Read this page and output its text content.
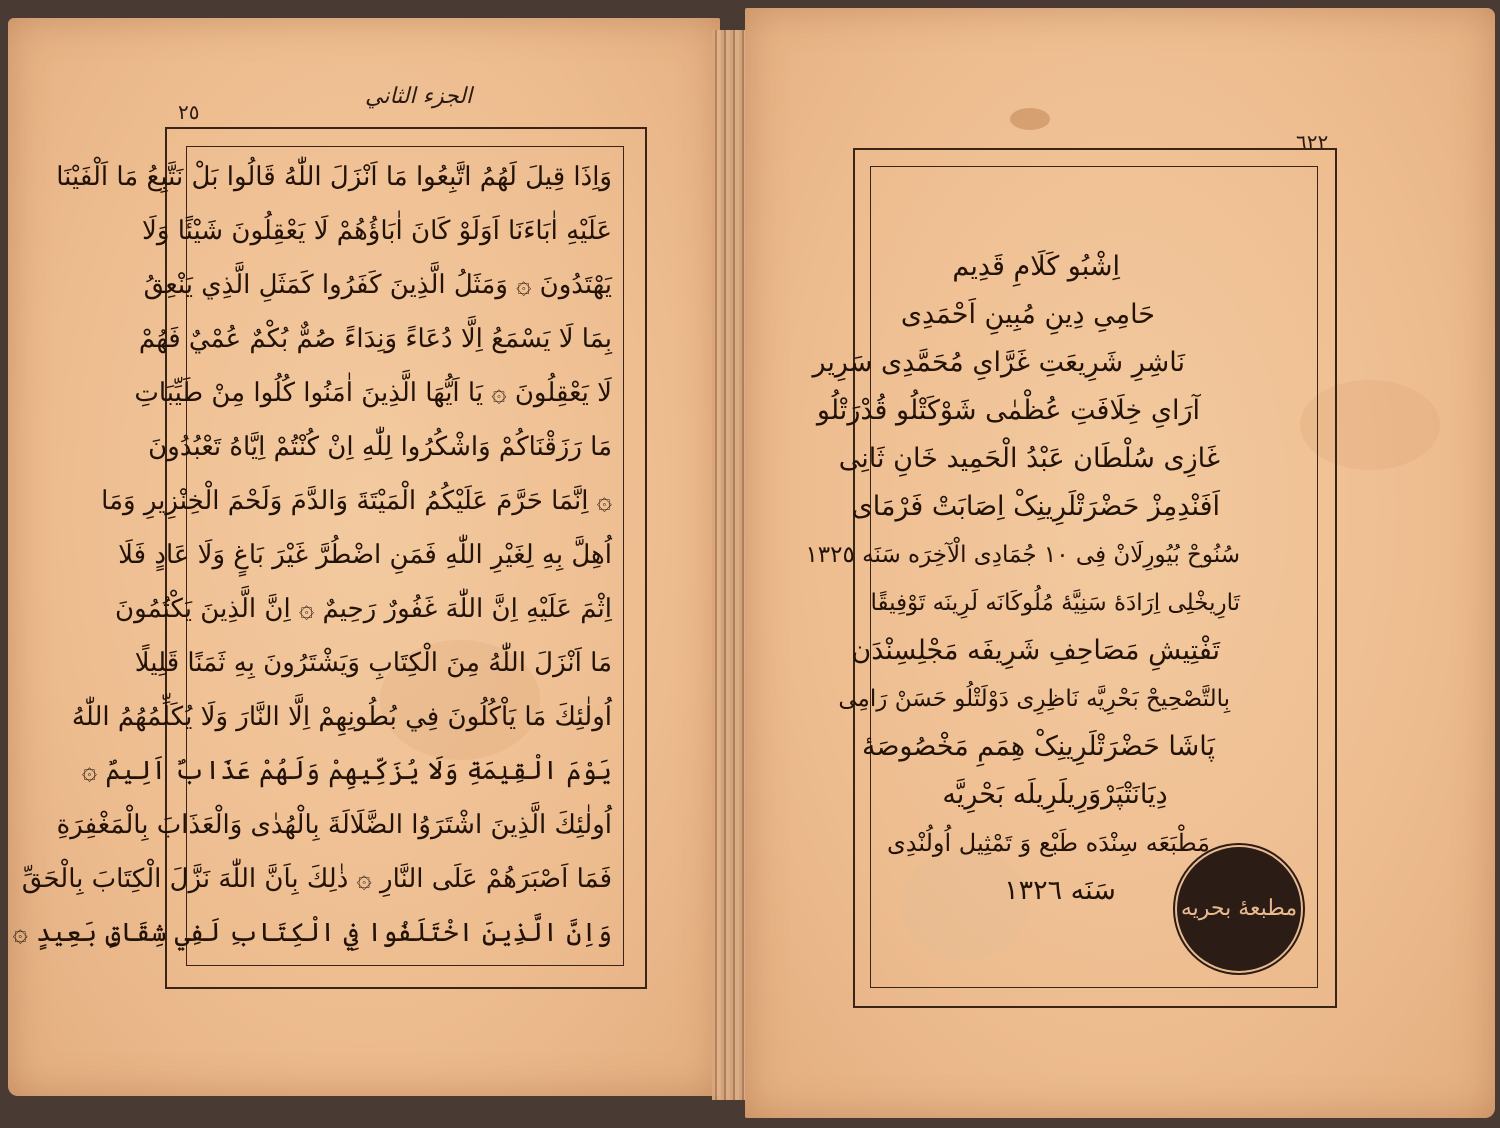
الجزء الثاني
٢٥
وَاِذَا قِيلَ لَهُمُ اتَّبِعُوا مَا اَنْزَلَ اللّٰهُ قَالُوا بَلْ نَتَّبِعُ مَا اَلْفَيْنَا
عَلَيْهِ اٰبَاءَنَا اَوَلَوْ كَانَ اٰبَاؤُهُمْ لَا يَعْقِلُونَ شَيْئًا وَلَا
يَهْتَدُونَ ۞ وَمَثَلُ الَّذِينَ كَفَرُوا كَمَثَلِ الَّذِي يَنْعِقُ
بِمَا لَا يَسْمَعُ اِلَّا دُعَاءً وَنِدَاءً صُمٌّ بُكْمٌ عُمْيٌ فَهُمْ
لَا يَعْقِلُونَ ۞ يَا اَيُّهَا الَّذِينَ اٰمَنُوا كُلُوا مِنْ طَيِّبَاتِ
مَا رَزَقْنَاكُمْ وَاشْكُرُوا لِلّٰهِ اِنْ كُنْتُمْ اِيَّاهُ تَعْبُدُونَ
۞ اِنَّمَا حَرَّمَ عَلَيْكُمُ الْمَيْتَةَ وَالدَّمَ وَلَحْمَ الْخِنْزِيرِ وَمَا
اُهِلَّ بِهِ لِغَيْرِ اللّٰهِ فَمَنِ اضْطُرَّ غَيْرَ بَاغٍ وَلَا عَادٍ فَلَا
اِثْمَ عَلَيْهِ اِنَّ اللّٰهَ غَفُورٌ رَحِيمٌ ۞ اِنَّ الَّذِينَ يَكْتُمُونَ
مَا اَنْزَلَ اللّٰهُ مِنَ الْكِتَابِ وَيَشْتَرُونَ بِهِ ثَمَنًا قَلِيلًا
اُولٰئِكَ مَا يَاْكُلُونَ فِي بُطُونِهِمْ اِلَّا النَّارَ وَلَا يُكَلِّمُهُمُ اللّٰهُ
يَوْمَ الْقِيٰمَةِ وَلَا يُزَكِّيهِمْ وَلَهُمْ عَذَابٌ اَلِيمٌ ۞
اُولٰئِكَ الَّذِينَ اشْتَرَوُا الضَّلَالَةَ بِالْهُدٰى وَالْعَذَابَ بِالْمَغْفِرَةِ
فَمَا اَصْبَرَهُمْ عَلَى النَّارِ ۞ ذٰلِكَ بِاَنَّ اللّٰهَ نَزَّلَ الْكِتَابَ بِالْحَقِّ
وَاِنَّ الَّذِينَ اخْتَلَفُوا فِي الْكِتَابِ لَفِي شِقَاقٍ بَعِيدٍ ۞
٦٢٢
اِشْبُو كَلَامِ قَدِيم
حَامِیِ دِینِ مُبِینِ اَحْمَدِی
نَاشِرِ شَرِیعَتِ غَرَّایِ مُحَمَّدِی سَرِیر
آرَایِ خِلَافَتِ عُظْمٰی شَوْکَتْلُو قُدْرَتْلُو
غَازِی سُلْطَان عَبْدُ الْحَمِید خَانِ ثَانِی
اَفَنْدِمِزْ حَضْرَتْلَرِینِکْ اِصَابَتْ فَرْمَای
سُنُوحْ بُیُورِلَانْ فِی ١٠ جُمَادِی الْآخِرَه سَنَه ١٣٢٥
تَارِیخْلِی اِرَادَهٔ سَنِیَّهٔ مُلُوکَانَه لَرِینَه تَوْفِیقًا
تَفْتِیشِ مَصَاحِفِ شَرِیفَه مَجْلِسِنْدَن
بِالتَّصْحِیحْ بَحْرِیَّه نَاظِرِی دَوْلَتْلُو حَسَنْ رَامِی
پَاشَا حَضْرَتْلَرِینِکْ هِمَمِ مَخْصُوصَهٔ
دِیَانَتْپَرْوَرِیلَرِیلَه بَحْرِیَّه
مَطْبَعَه سِنْدَه طَبْع وَ تَمْثِیل اُولُنْدِی
سَنَه ١٣٢٦
مطبعهٔ بحریه
